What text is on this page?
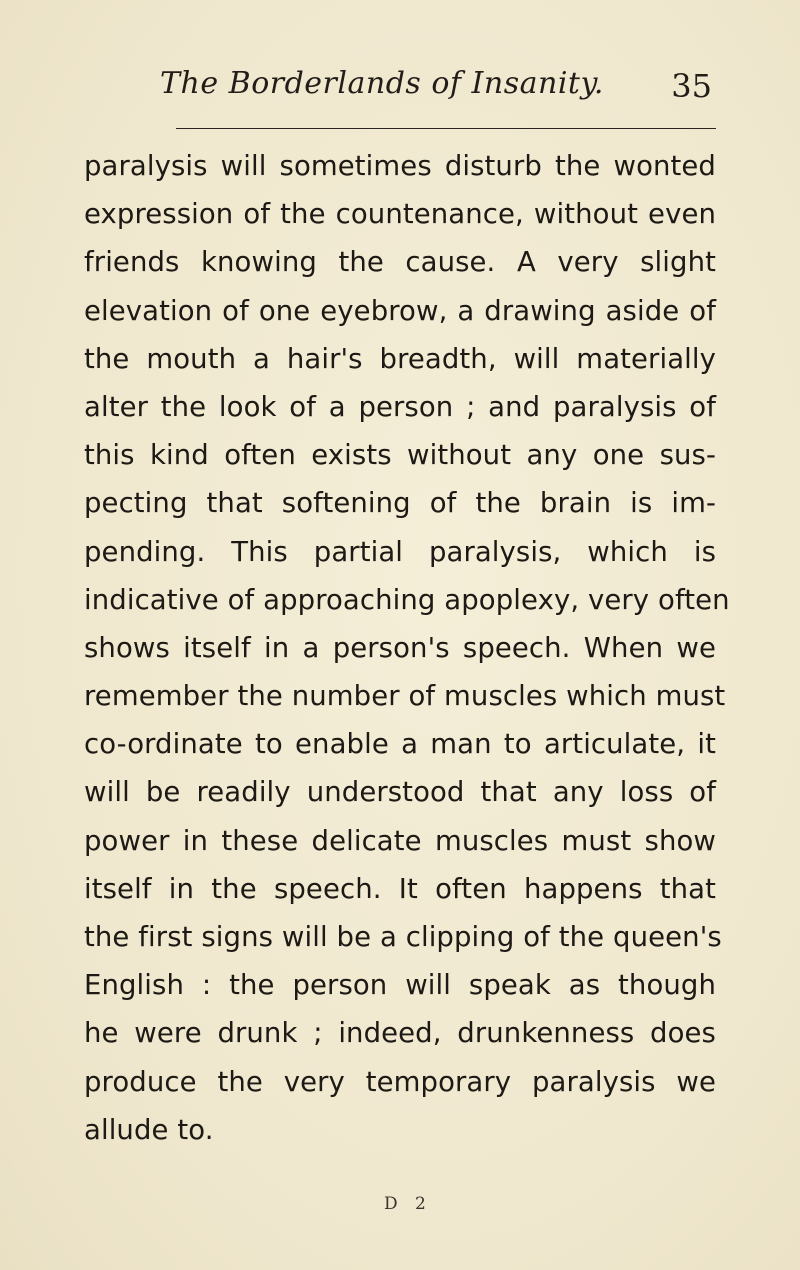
The Borderlands of Insanity.	35
paralysis will sometimes disturb the wonted
expression of the countenance, without even
friends knowing the cause. A very slight
elevation of one eyebrow, a drawing aside of
the mouth a hair's breadth, will materially
alter the look of a person ; and paralysis of
this kind often exists without any one sus-
pecting that softening of the brain is im-
pending. This partial paralysis, which is
indicative of approaching apoplexy, very often
shows itself in a person's speech. When we
remember the number of muscles which must
co-ordinate to enable a man to articulate, it
will be readily understood that any loss of
power in these delicate muscles must show
itself in the speech. It often happens that
the first signs will be a clipping of the queen's
English : the person will speak as though
he were drunk ; indeed, drunkenness does
produce the very temporary paralysis we
allude to.
D 2
